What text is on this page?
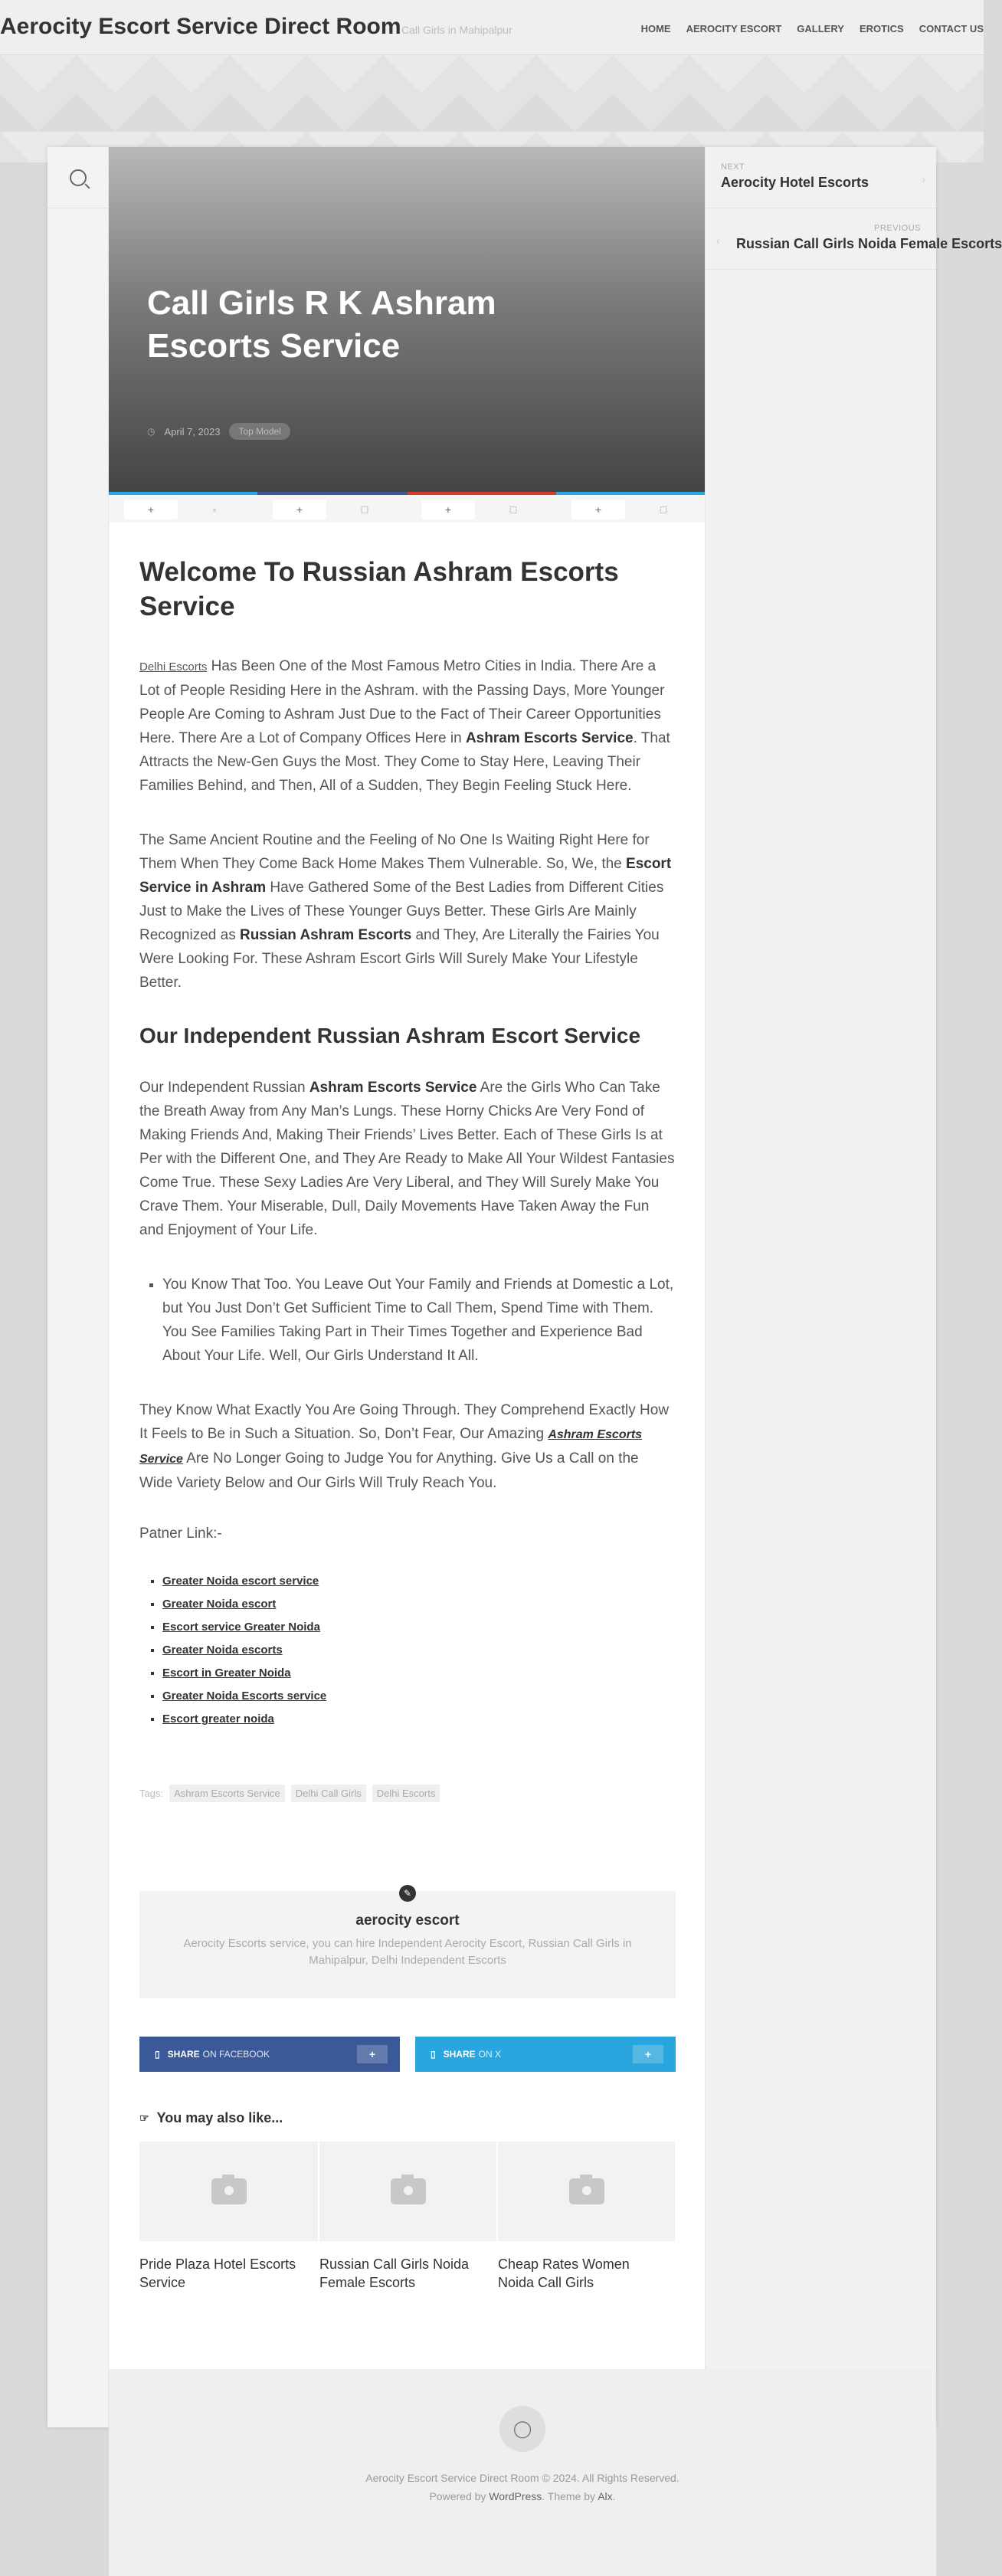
Aerocity Escort Service Direct Room Call Girls in Mahipalpur	HOME AEROCITY ESCORT GALLERY EROTICS CONTACT US
NEXT
Aerocity Hotel Escorts	›
‹
PREVIOUS
Russian Call Girls Noida Female Escorts
Call Girls R K Ashram Escorts Service
◷ April 7, 2023	Top Model
+	◦	+	□	+	□	+	□
Welcome To Russian Ashram Escorts Service

Delhi Escorts Has Been One of the Most Famous Metro Cities in India. There Are a Lot of People Residing Here in the Ashram. with the Passing Days, More Younger People Are Coming to Ashram Just Due to the Fact of Their Career Opportunities Here. There Are a Lot of Company Offices Here in Ashram Escorts Service. That Attracts the New-Gen Guys the Most. They Come to Stay Here, Leaving Their Families Behind, and Then, All of a Sudden, They Begin Feeling Stuck Here.

The Same Ancient Routine and the Feeling of No One Is Waiting Right Here for Them When They Come Back Home Makes Them Vulnerable. So, We, the Escort Service in Ashram Have Gathered Some of the Best Ladies from Different Cities Just to Make the Lives of These Younger Guys Better. These Girls Are Mainly Recognized as Russian Ashram Escorts and They, Are Literally the Fairies You Were Looking For. These Ashram Escort Girls Will Surely Make Your Lifestyle Better.

Our Independent Russian Ashram Escort Service

Our Independent Russian Ashram Escorts Service Are the Girls Who Can Take the Breath Away from Any Man’s Lungs. These Horny Chicks Are Very Fond of Making Friends And, Making Their Friends’ Lives Better. Each of These Girls Is at Per with the Different One, and They Are Ready to Make All Your Wildest Fantasies Come True. These Sexy Ladies Are Very Liberal, and They Will Surely Make You Crave Them. Your Miserable, Dull, Daily Movements Have Taken Away the Fun and Enjoyment of Your Life.

▪ You Know That Too. You Leave Out Your Family and Friends at Domestic a Lot, but You Just Don’t Get Sufficient Time to Call Them, Spend Time with Them. You See Families Taking Part in Their Times Together and Experience Bad About Your Life. Well, Our Girls Understand It All.

They Know What Exactly You Are Going Through. They Comprehend Exactly How It Feels to Be in Such a Situation. So, Don’t Fear, Our Amazing Ashram Escorts Service Are No Longer Going to Judge You for Anything. Give Us a Call on the Wide Variety Below and Our Girls Will Truly Reach You.

Patner Link:-

▪ Greater Noida escort service
▪ Greater Noida escort
▪ Escort service Greater Noida
▪ Greater Noida escorts
▪ Escort in Greater Noida
▪ Greater Noida Escorts service
▪ Escort greater noida
Tags:	Ashram Escorts Service	Delhi Call Girls	Delhi Escorts
✎
aerocity escort
Aerocity Escorts service, you can hire Independent Aerocity Escort, Russian Call Girls in Mahipalpur, Delhi Independent Escorts
▯ SHARE ON FACEBOOK	+	▯ SHARE ON X	+
☞ You may also like...
Pride Plaza Hotel Escorts Service
Russian Call Girls Noida Female Escorts
Cheap Rates Women Noida Call Girls
◯
Aerocity Escort Service Direct Room © 2024. All Rights Reserved.
Powered by WordPress. Theme by Alx.
